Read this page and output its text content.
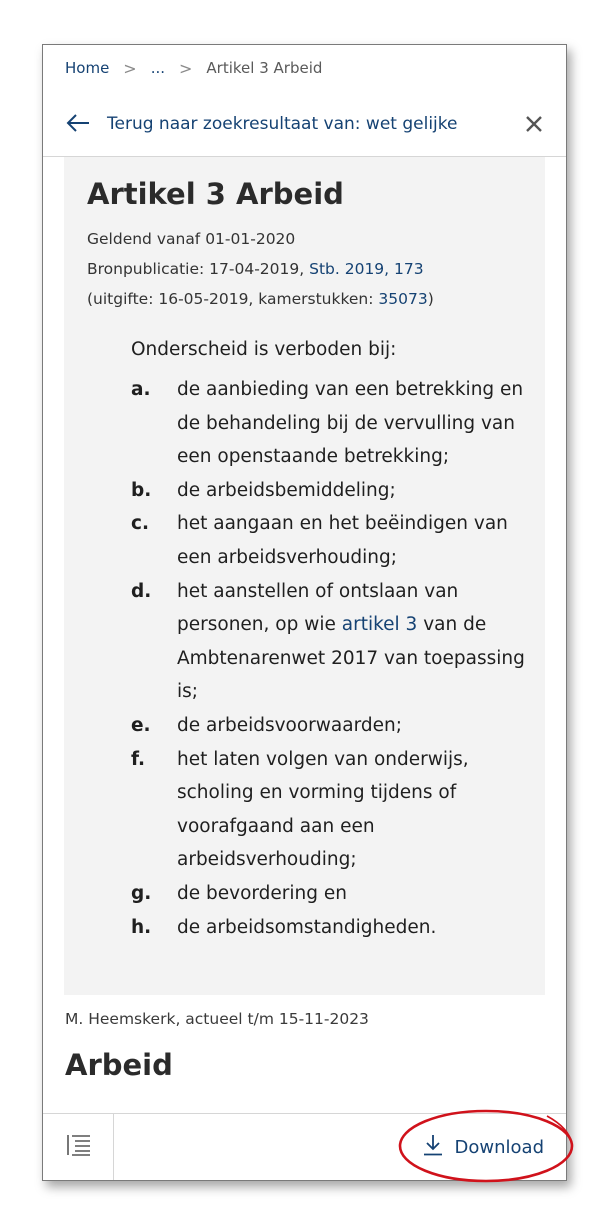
Home > ... > Artikel 3 Arbeid
Terug naar zoekresultaat van: wet gelijke
Artikel 3 Arbeid
Geldend vanaf 01-01-2020
Bronpublicatie: 17-04-2019, Stb. 2019, 173
(uitgifte: 16-05-2019, kamerstukken: 35073)
Onderscheid is verboden bij:
a.	de aanbieding van een betrekking en de behandeling bij de vervulling van een openstaande betrekking;
b.	de arbeidsbemiddeling;
c.	het aangaan en het beëindigen van een arbeidsverhouding;
d.	het aanstellen of ontslaan van personen, op wie artikel 3 van de Ambtenarenwet 2017 van toepassing is;
e.	de arbeidsvoorwaarden;
f.	het laten volgen van onderwijs, scholing en vorming tijdens of voorafgaand aan een arbeidsverhouding;
g.	de bevordering en
h.	de arbeidsomstandigheden.
M. Heemskerk, actueel t/m 15-11-2023
Arbeid
Download
